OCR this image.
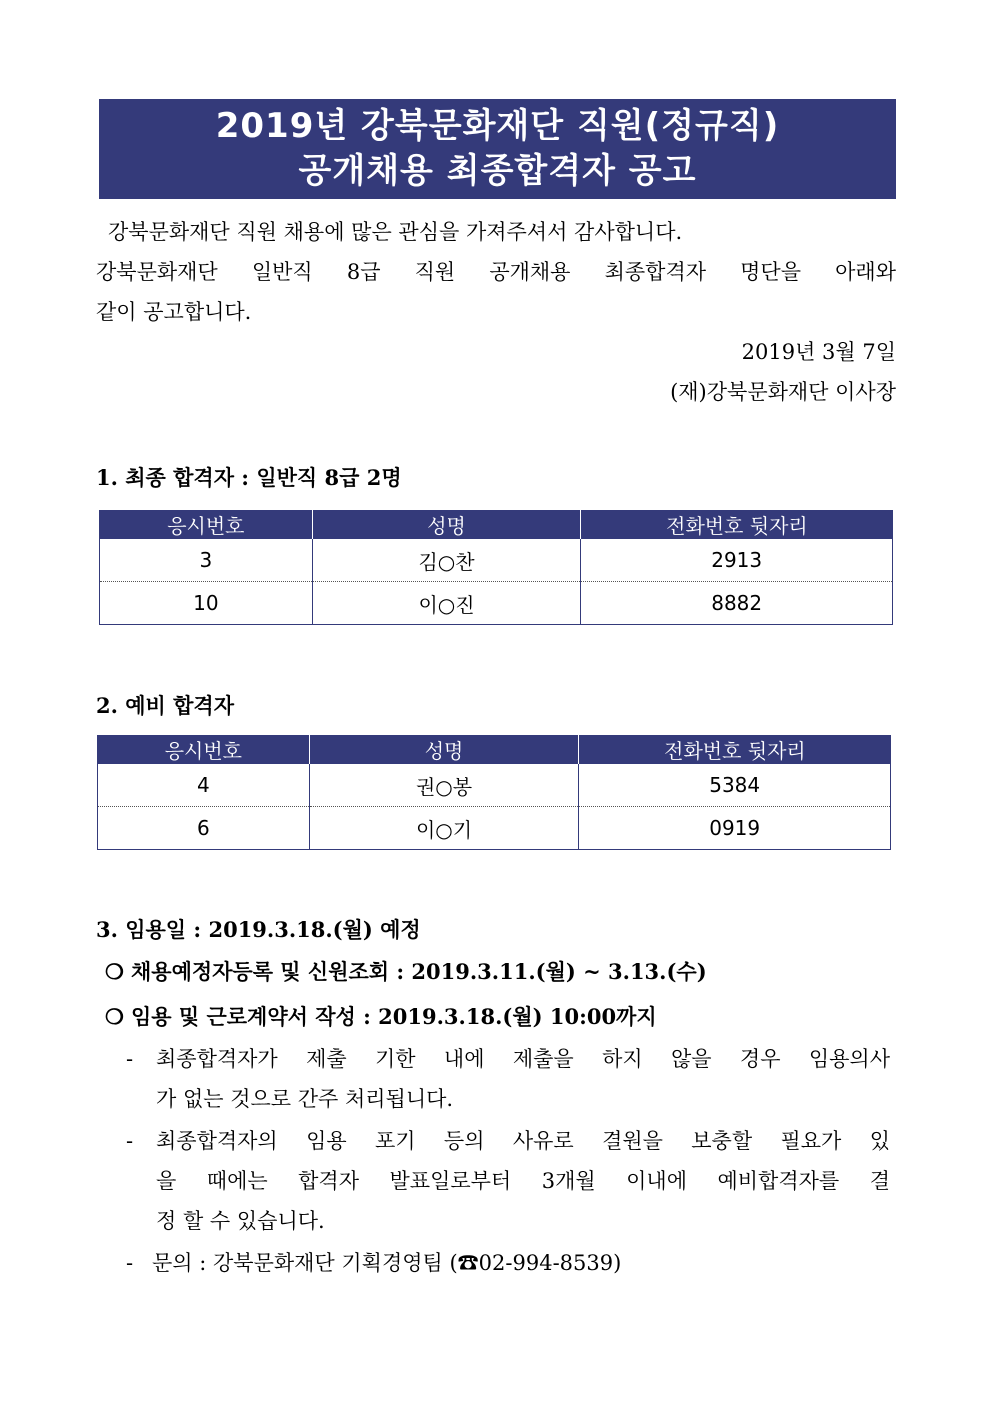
2019년 강북문화재단 직원(정규직)
공개채용 최종합격자 공고
강북문화재단 직원 채용에 많은 관심을 가져주셔서 감사합니다.
강북문화재단 일반직 8급 직원 공개채용 최종합격자 명단을 아래와
같이 공고합니다.
2019년 3월 7일
(재)강북문화재단 이사장
1. 최종 합격자 : 일반직 8급 2명
응시번호	성명	전화번호 뒷자리
3	김○찬	2913
10	이○진	8882
2. 예비 합격자
응시번호	성명	전화번호 뒷자리
4	권○봉	5384
6	이○기	0919
3. 임용일 : 2019.3.18.(월) 예정
❍ 채용예정자등록 및 신원조회 : 2019.3.11.(월) ~ 3.13.(수)
❍ 임용 및 근로계약서 작성 : 2019.3.18.(월) 10:00까지
- 최종합격자가 제출 기한 내에 제출을 하지 않을 경우 임용의사
가 없는 것으로 간주 처리됩니다.
- 최종합격자의 임용 포기 등의 사유로 결원을 보충할 필요가 있
을 때에는 합격자 발표일로부터 3개월 이내에 예비합격자를 결
정 할 수 있습니다.
- 문의 : 강북문화재단 기획경영팀 (☎02-994-8539)
